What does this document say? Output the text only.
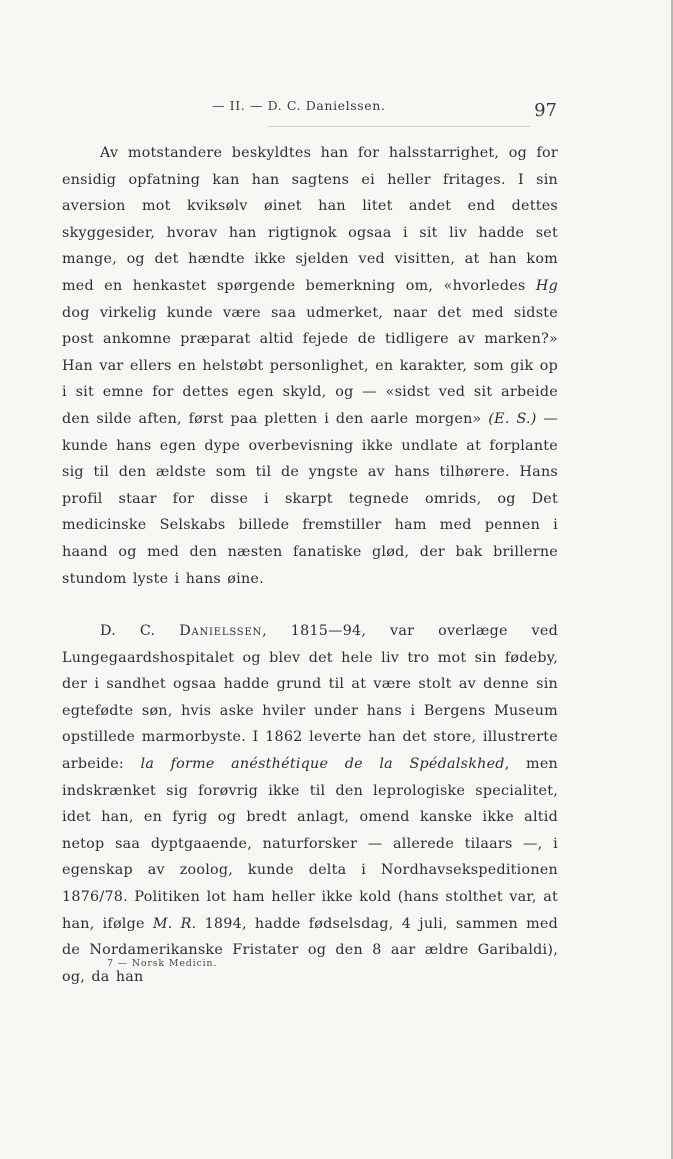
— II. — D. C. Danielssen.	97

Av motstandere beskyldtes han for halsstarrighet, og for ensidig opfatning kan han sagtens ei heller fritages. I sin aversion mot kviksølv øinet han litet andet end dettes skyggesider, hvorav han rigtignok ogsaa i sit liv hadde set mange, og det hændte ikke sjelden ved visitten, at han kom med en henkastet spørgende bemerkning om, «hvorledes Hg dog virkelig kunde være saa udmerket, naar det med sidste post ankomne præparat altid fejede de tidligere av marken?» Han var ellers en helstøbt personlighet, en karakter, som gik op i sit emne for dettes egen skyld, og — «sidst ved sit arbeide den silde aften, først paa pletten i den aarle morgen» (E. S.) — kunde hans egen dype overbevisning ikke undlate at forplante sig til den ældste som til de yngste av hans tilhørere. Hans profil staar for disse i skarpt tegnede omrids, og Det medicinske Selskabs billede fremstiller ham med pennen i haand og med den næsten fanatiske glød, der bak brillerne stundom lyste i hans øine.

D. C. Danielssen, 1815—94, var overlæge ved Lungegaardshospitalet og blev det hele liv tro mot sin fødeby, der i sandhet ogsaa hadde grund til at være stolt av denne sin egtefødte søn, hvis aske hviler under hans i Bergens Museum opstillede marmorbyste. I 1862 leverte han det store, illustrerte arbeide: la forme anésthétique de la Spédalskhed, men indskrænket sig forøvrig ikke til den leprologiske specialitet, idet han, en fyrig og bredt anlagt, omend kanske ikke altid netop saa dyptgaaende, naturforsker — allerede tilaars —, i egenskap av zoolog, kunde delta i Nordhavsekspeditionen 1876/78. Politiken lot ham heller ikke kold (hans stolthet var, at han, ifølge M. R. 1894, hadde fødselsdag, 4 juli, sammen med de Nordamerikanske Fristater og den 8 aar ældre Garibaldi), og, da han

7 — Norsk Medicin.
